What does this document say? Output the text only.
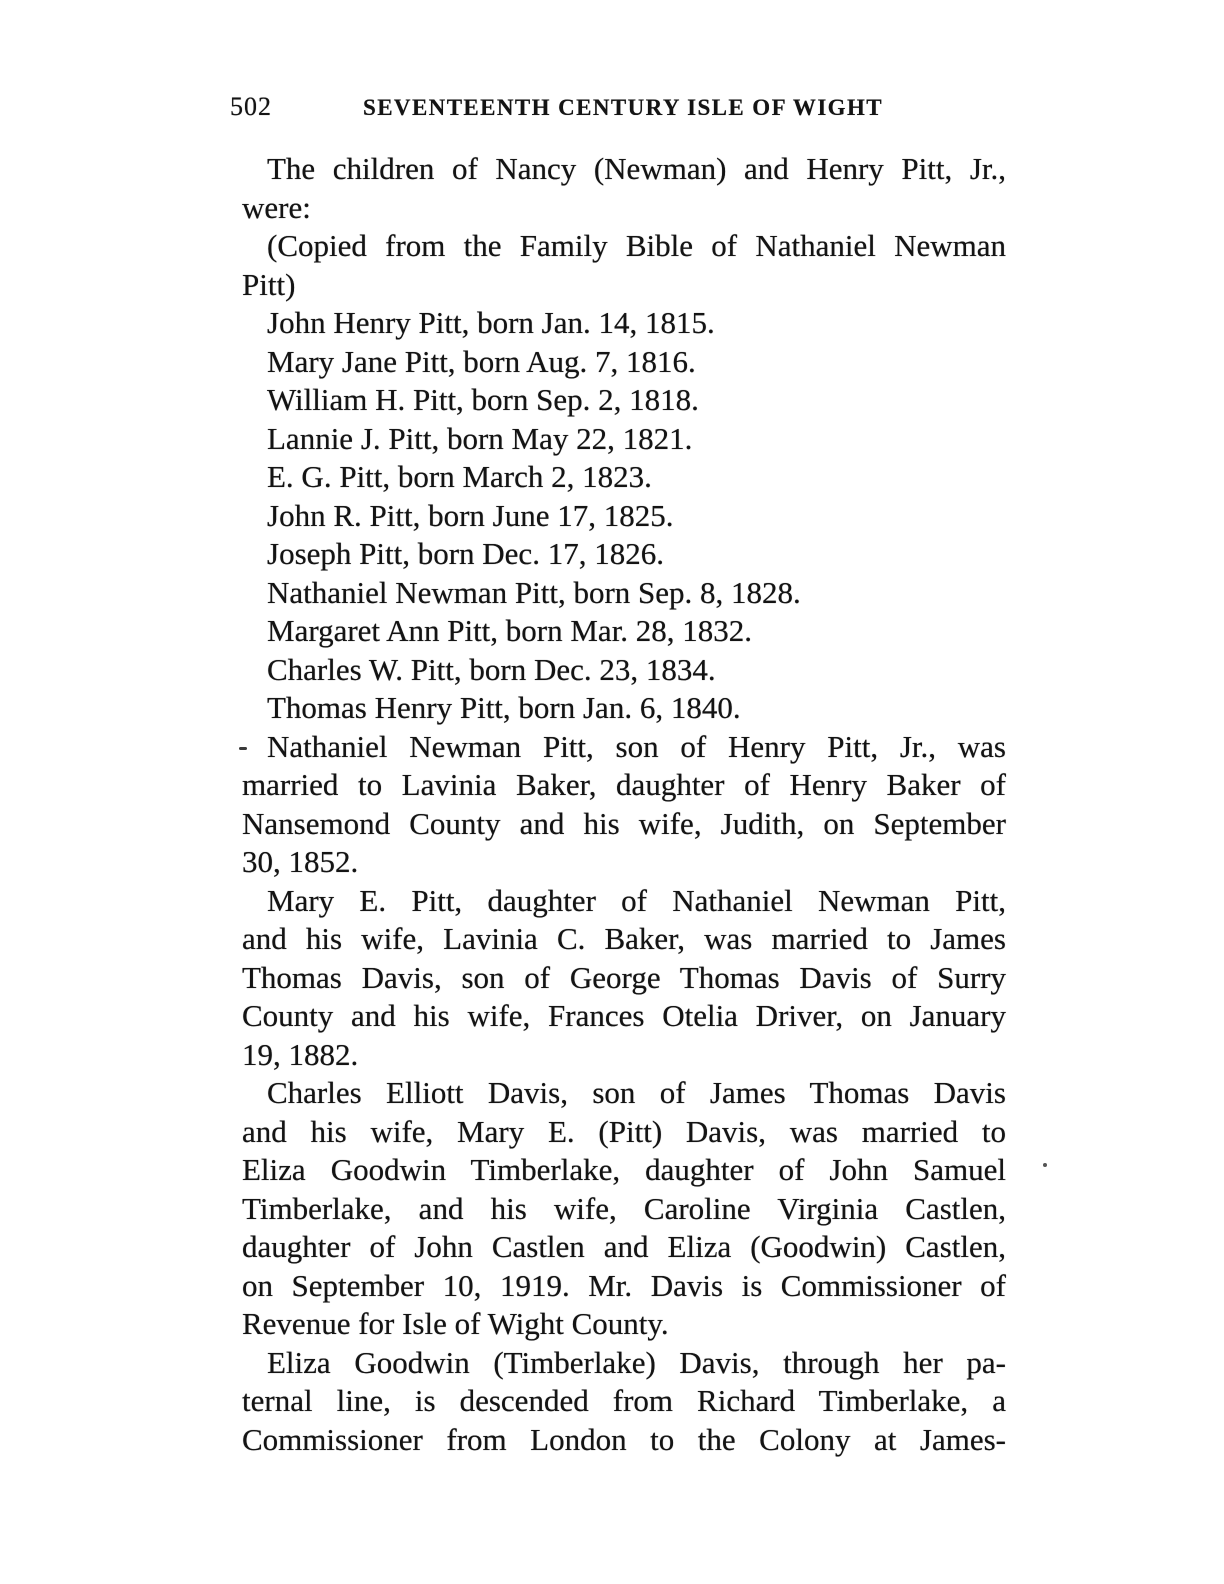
502	SEVENTEENTH CENTURY ISLE OF WIGHT
The children of Nancy (Newman) and Henry Pitt, Jr.,
were:
(Copied from the Family Bible of Nathaniel Newman
Pitt)
John Henry Pitt, born Jan. 14, 1815.
Mary Jane Pitt, born Aug. 7, 1816.
William H. Pitt, born Sep. 2, 1818.
Lannie J. Pitt, born May 22, 1821.
E. G. Pitt, born March 2, 1823.
John R. Pitt, born June 17, 1825.
Joseph Pitt, born Dec. 17, 1826.
Nathaniel Newman Pitt, born Sep. 8, 1828.
Margaret Ann Pitt, born Mar. 28, 1832.
Charles W. Pitt, born Dec. 23, 1834.
Thomas Henry Pitt, born Jan. 6, 1840.
Nathaniel Newman Pitt, son of Henry Pitt, Jr., was
married to Lavinia Baker, daughter of Henry Baker of
Nansemond County and his wife, Judith, on September
30, 1852.
Mary E. Pitt, daughter of Nathaniel Newman Pitt,
and his wife, Lavinia C. Baker, was married to James
Thomas Davis, son of George Thomas Davis of Surry
County and his wife, Frances Otelia Driver, on January
19, 1882.
Charles Elliott Davis, son of James Thomas Davis
and his wife, Mary E. (Pitt) Davis, was married to
Eliza Goodwin Timberlake, daughter of John Samuel
Timberlake, and his wife, Caroline Virginia Castlen,
daughter of John Castlen and Eliza (Goodwin) Castlen,
on September 10, 1919. Mr. Davis is Commissioner of
Revenue for Isle of Wight County.
Eliza Goodwin (Timberlake) Davis, through her pa-
ternal line, is descended from Richard Timberlake, a
Commissioner from London to the Colony at James-
